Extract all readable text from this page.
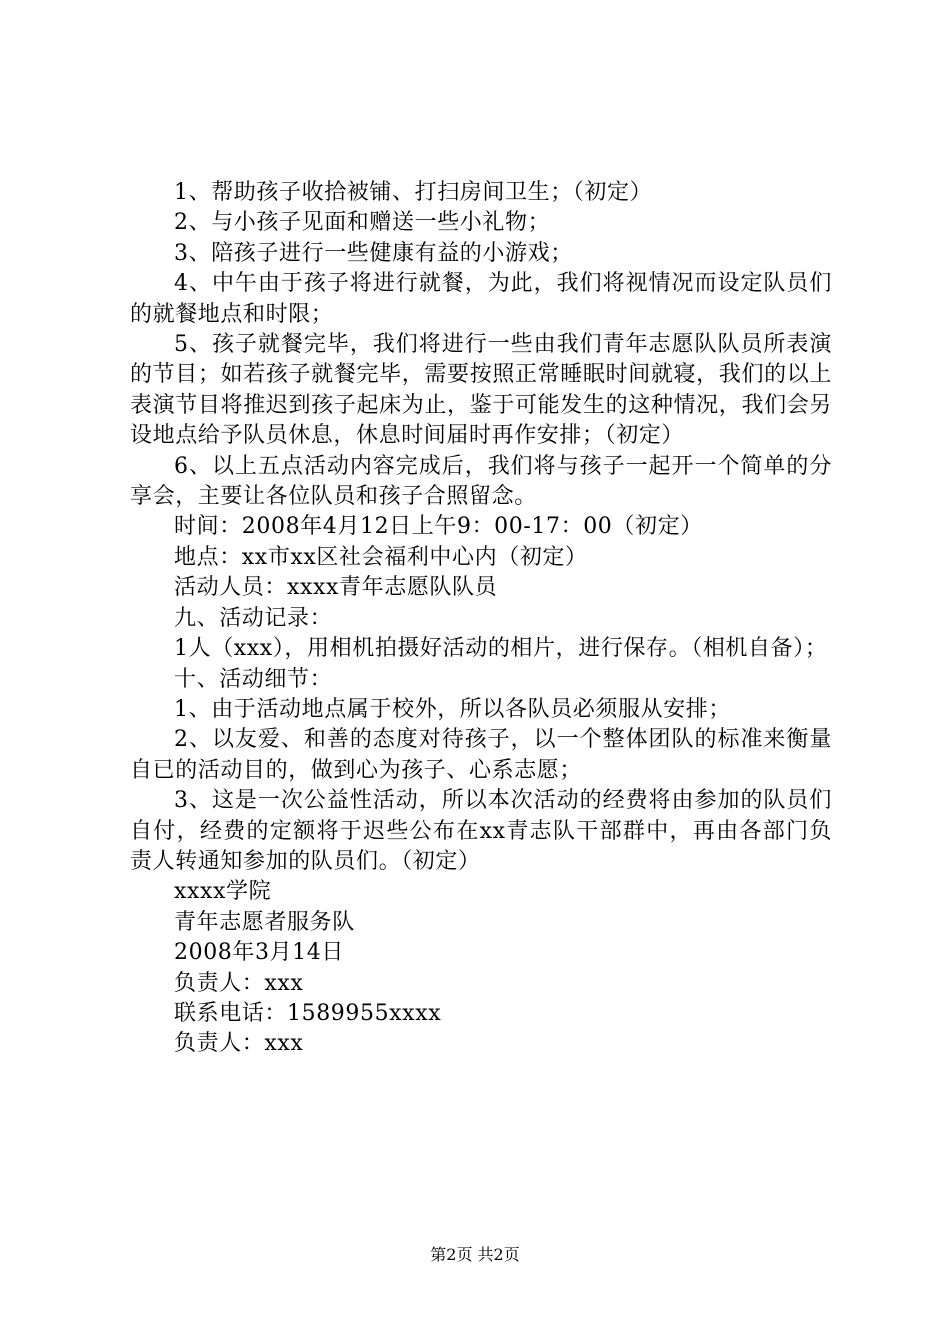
1、帮助孩子收拾被铺、打扫房间卫生；（初定）

2、与小孩子见面和赠送一些小礼物；

3、陪孩子进行一些健康有益的小游戏；

4、中午由于孩子将进行就餐，为此，我们将视情况而设定队员们的就餐地点和时限；

5、孩子就餐完毕，我们将进行一些由我们青年志愿队队员所表演的节目；如若孩子就餐完毕，需要按照正常睡眠时间就寝，我们的以上表演节目将推迟到孩子起床为止，鉴于可能发生的这种情况，我们会另设地点给予队员休息，休息时间届时再作安排；（初定）

6、以上五点活动内容完成后，我们将与孩子一起开一个简单的分享会，主要让各位队员和孩子合照留念。

时间：2008年4月12日上午9：00-17：00（初定）

地点：xx市xx区社会福利中心内（初定）

活动人员：xxxx青年志愿队队员

九、活动记录：

1人（xxx），用相机拍摄好活动的相片，进行保存。（相机自备）；

十、活动细节：

1、由于活动地点属于校外，所以各队员必须服从安排；

2、以友爱、和善的态度对待孩子，以一个整体团队的标准来衡量自已的活动目的，做到心为孩子、心系志愿；

3、这是一次公益性活动，所以本次活动的经费将由参加的队员们自付，经费的定额将于迟些公布在xx青志队干部群中，再由各部门负责人转通知参加的队员们。（初定）

xxxx学院

青年志愿者服务队

2008年3月14日

负责人：xxx

联系电话：1589955xxxx

负责人：xxx

第2页 共2页
